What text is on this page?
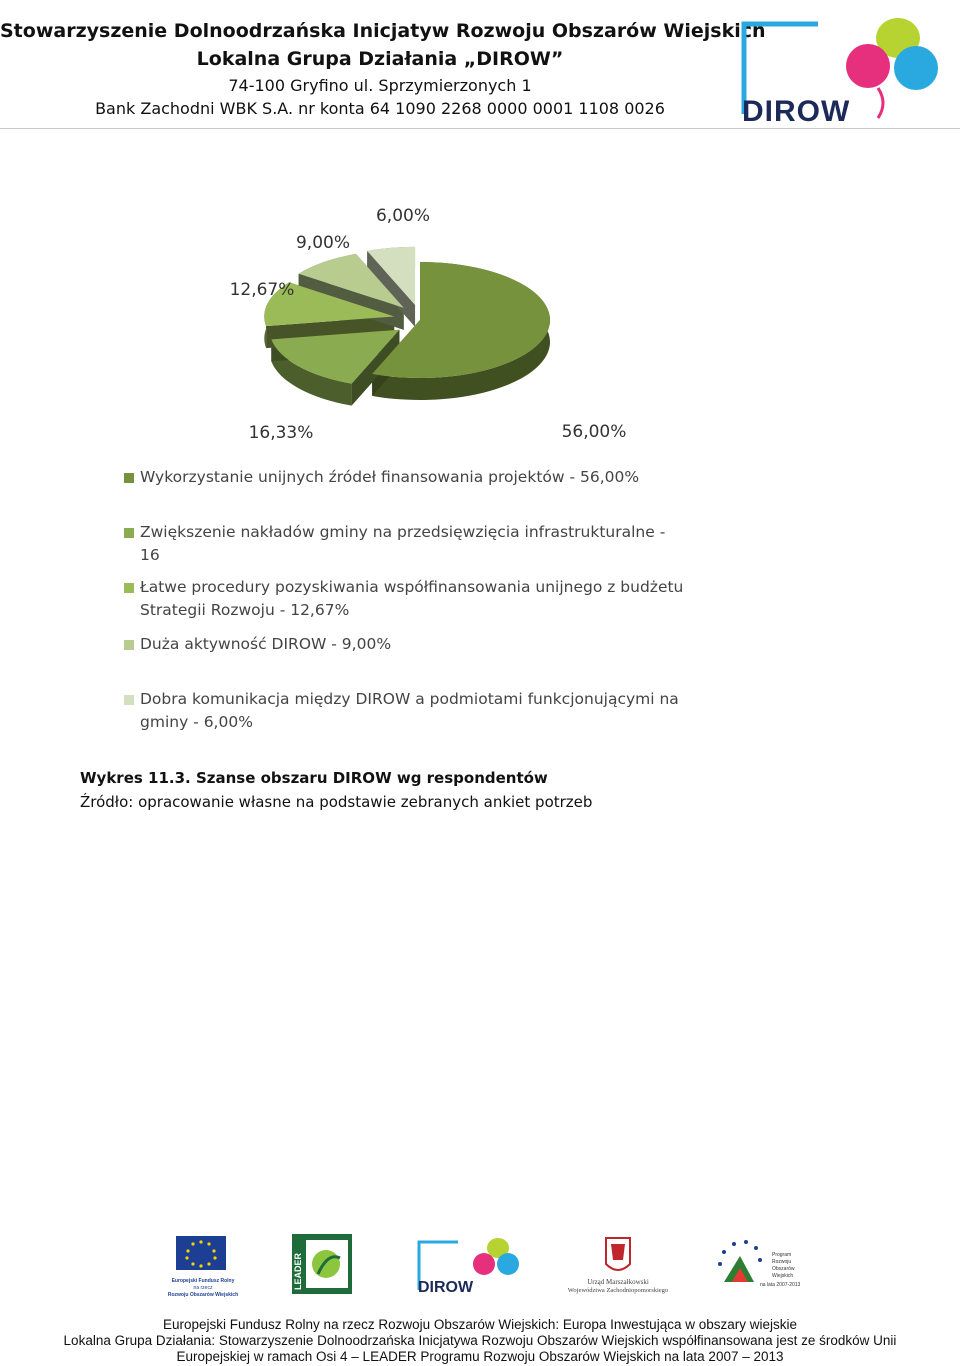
Stowarzyszenie Dolnoodrzańska Inicjatyw Rozwoju Obszarów Wiejskich
Lokalna Grupa Działania „DIROW”
74-100 Gryfino ul. Sprzymierzonych 1
Bank Zachodni WBK S.A. nr konta 64 1090 2268 0000 0001 1108 0026	DIROW
56,00%
16,33%
12,67%
9,00%
6,00%
Wykorzystanie unijnych źródeł finansowania projektów - 56,00%
Zwiększenie nakładów gminy na przedsięwzięcia infrastrukturalne - 16
Łatwe procedury pozyskiwania współfinansowania unijnego z budżetu Strategii Rozwoju - 12,67%
Duża aktywność DIROW - 9,00%
Dobra komunikacja między DIROW a podmiotami funkcjonującymi na gminy - 6,00%
Wykres 11.3. Szanse obszaru DIROW wg respondentów
Źródło: opracowanie własne na podstawie zebranych ankiet potrzeb
Europejski Fundusz Rolny
na rzecz
Rozwoju Obszarów Wiejskich
LEADER	DIROW	Urząd Marszałkowski
Województwa Zachodniopomorskiego
Program
Rozwoju
Obszarów
Wiejskich
na lata 2007-2013
Europejski Fundusz Rolny na rzecz Rozwoju Obszarów Wiejskich: Europa Inwestująca w obszary wiejskie
Lokalna Grupa Działania: Stowarzyszenie Dolnoodrzańska Inicjatywa Rozwoju Obszarów Wiejskich współfinansowana jest ze środków Unii
Europejskiej w ramach Osi 4 – LEADER Programu Rozwoju Obszarów Wiejskich na lata 2007 – 2013
